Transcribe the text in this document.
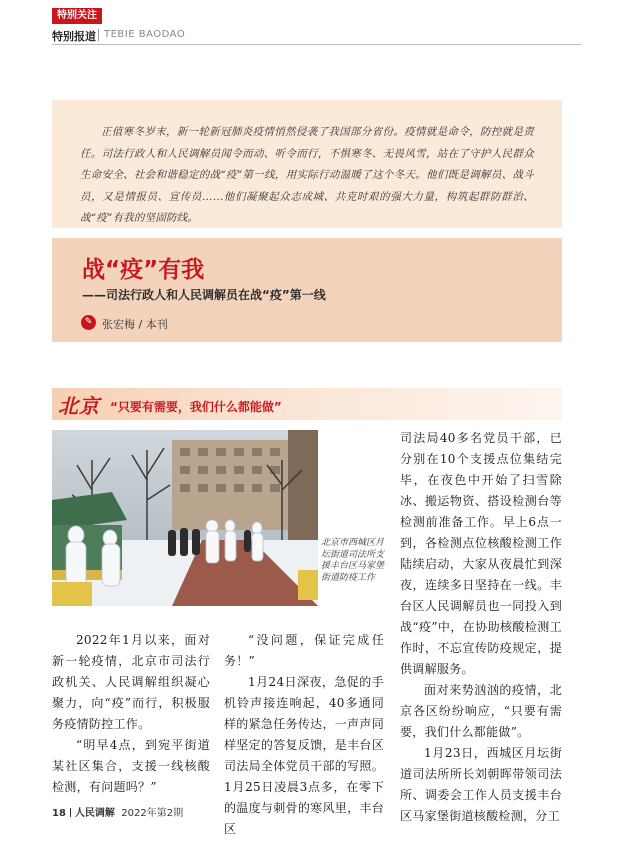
特别关注
特别报道 TEBIE BAODAO

正值寒冬岁末，新一轮新冠肺炎疫情悄然侵袭了我国部分省份。疫情就是命令，防控就是责任。司法行政人和人民调解员闻令而动、听令而行，不惧寒冬、无畏风雪，站在了守护人民群众生命安全、社会和谐稳定的战“疫”第一线，用实际行动温暖了这个冬天。他们既是调解员、战斗员，又是情报员、宣传员……他们凝聚起众志成城、共克时艰的强大力量，构筑起群防群治、战“疫”有我的坚固防线。

战“疫”有我
——司法行政人和人民调解员在战“疫”第一线
✎ 张宏梅 / 本刊
北京 “只要有需要，我们什么都能做”
北京市西城区月坛街道司法所支援丰台区马家堡街道防疫工作

2022年1月以来，面对新一轮疫情，北京市司法行政机关、人民调解组织凝心聚力，向“疫”而行，积极服务疫情防控工作。

“明早4点，到宛平街道某社区集合，支援一线核酸检测，有问题吗？”

“没问题，保证完成任务！”

1月24日深夜，急促的手机铃声接连响起，40多通同样的紧急任务传达，一声声同样坚定的答复反馈，是丰台区司法局全体党员干部的写照。1月25日凌晨3点多，在零下的温度与刺骨的寒风里，丰台区

司法局40多名党员干部，已分别在10个支援点位集结完毕，在夜色中开始了扫雪除冰、搬运物资、搭设检测台等检测前准备工作。早上6点一到，各检测点位核酸检测工作陆续启动，大家从夜晨忙到深夜，连续多日坚持在一线。丰台区人民调解员也一同投入到战“疫”中，在协助核酸检测工作时，不忘宣传防疫规定，提供调解服务。

面对来势汹汹的疫情，北京各区纷纷响应，“只要有需要，我们什么都能做”。

1月23日，西城区月坛街道司法所所长刘朝晖带领司法所、调委会工作人员支援丰台区马家堡街道核酸检测，分工

18 人民调解 2022年第2期
